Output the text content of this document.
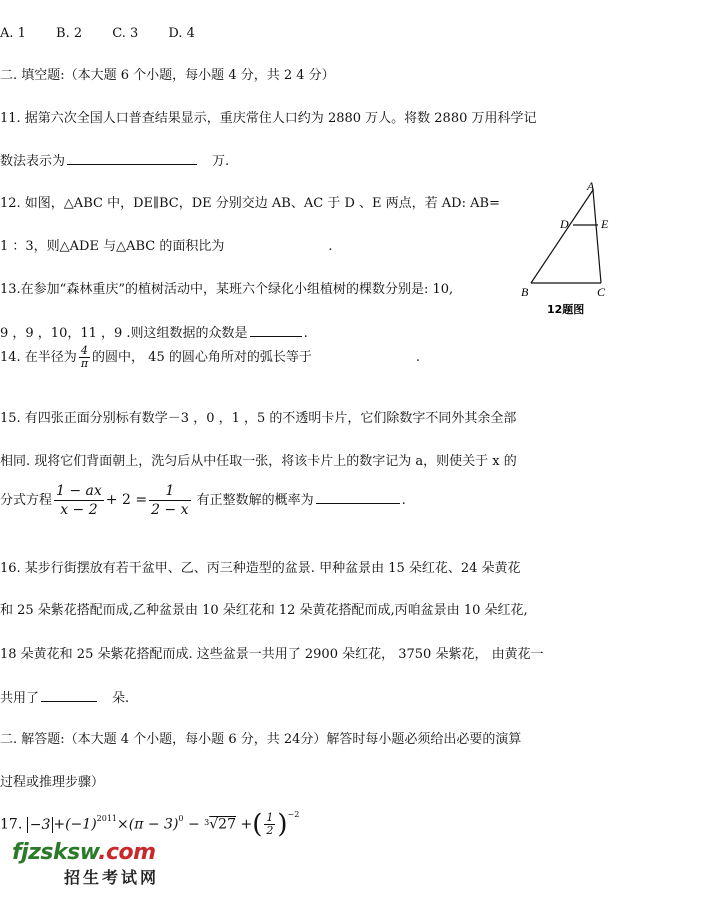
A. 1　　 B. 2　　 C. 3　　 D. 4
二. 填空题:（本大题 6 个小题，每小题 4 分，共 2 4 分）
11. 据第六次全国人口普查结果显示，重庆常住人口约为 2880 万人。将数 2880 万用科学记
数法表示为　	万.
12. 如图，△ABC 中，DE∥BC，DE 分别交边 AB、AC 于 D 、E 两点，若 AD: AB=
1 ：3，则△ADE 与△ABC 的面积比为　　　　　　　　.
A
D	E
B	C
12题图
13.在参加“森林重庆”的植树活动中，某班六个绿化小组植树的棵数分别是: 10,
9 ，9 ，10，11 ，9 .则这组数据的众数是	.
14. 在半径为 $\frac{4}{\pi}$ 的圆中， 45 的圆心角所对的弧长等于　　　　　　　　.
15. 有四张正面分别标有数学－3 ，0 ，1 ，5 的不透明卡片，它们除数字不同外其余全部
相同. 现将它们背面朝上，洗匀后从中任取一张，将该卡片上的数字记为 a，则使关于 x 的
分式方程 $\frac{1 - ax}{x - 2} + 2 = \frac{1}{2 - x}$ 有正整数解的概率为	.
16. 某步行街摆放有若干盆甲、乙、丙三种造型的盆景. 甲种盆景由 15 朵红花、24 朵黄花
和 25 朵紫花搭配而成,乙种盆景由 10 朵红花和 12 朵黄花搭配而成,丙咱盆景由 10 朵红花,
18 朵黄花和 25 朵紫花搭配而成. 这些盆景一共用了 2900 朵红花， 3750 朵紫花， 由黄花一
共用了　	朵.
二. 解答题:（本大题 4 个小题，每小题 6 分，共 24分）解答时每小题必须给出必要的演算
过程或推理步骤）
17. $-3 +(-1)^{2011}\times(\pi - 3)^0 - ^3√27$ +( $\frac{1}{2} )^{-2}$
fjzsksw.com
招生考试网
